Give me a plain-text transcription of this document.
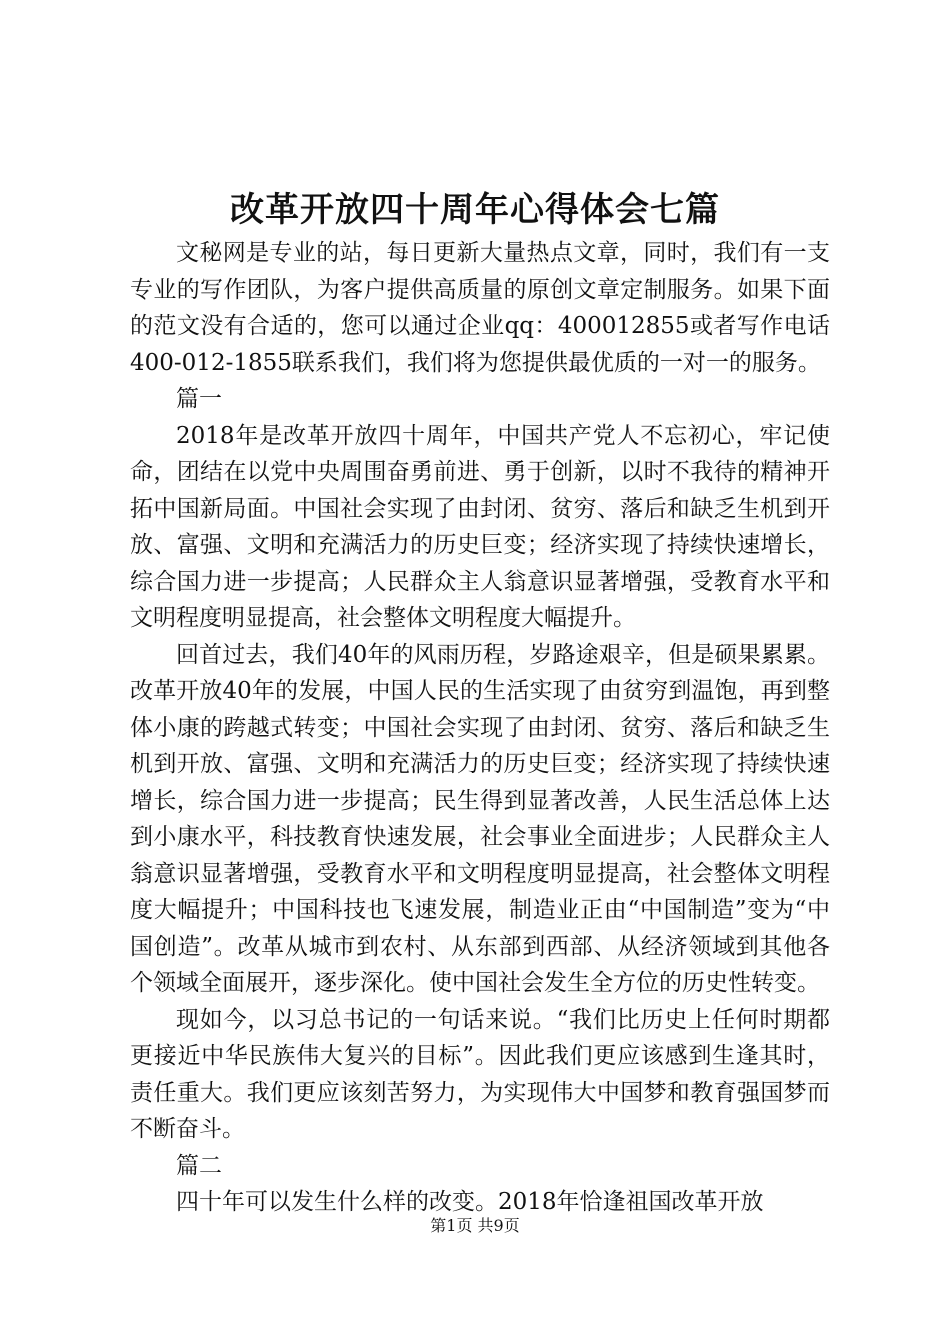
改革开放四十周年心得体会七篇

文秘网是专业的站，每日更新大量热点文章，同时，我们有一支专业的写作团队，为客户提供高质量的原创文章定制服务。如果下面的范文没有合适的，您可以通过企业qq：400012855或者写作电话400-012-1855联系我们，我们将为您提供最优质的一对一的服务。

篇一

2018年是改革开放四十周年，中国共产党人不忘初心，牢记使命，团结在以党中央周围奋勇前进、勇于创新，以时不我待的精神开拓中国新局面。中国社会实现了由封闭、贫穷、落后和缺乏生机到开放、富强、文明和充满活力的历史巨变；经济实现了持续快速增长，综合国力进一步提高；人民群众主人翁意识显著增强，受教育水平和文明程度明显提高，社会整体文明程度大幅提升。

回首过去，我们40年的风雨历程，岁路途艰辛，但是硕果累累。改革开放40年的发展，中国人民的生活实现了由贫穷到温饱，再到整体小康的跨越式转变；中国社会实现了由封闭、贫穷、落后和缺乏生机到开放、富强、文明和充满活力的历史巨变；经济实现了持续快速增长，综合国力进一步提高；民生得到显著改善，人民生活总体上达到小康水平，科技教育快速发展，社会事业全面进步；人民群众主人翁意识显著增强，受教育水平和文明程度明显提高，社会整体文明程度大幅提升；中国科技也飞速发展，制造业正由“中国制造”变为“中国创造”。改革从城市到农村、从东部到西部、从经济领域到其他各个领域全面展开，逐步深化。使中国社会发生全方位的历史性转变。

现如今，以习总书记的一句话来说。“我们比历史上任何时期都更接近中华民族伟大复兴的目标”。因此我们更应该感到生逢其时，责任重大。我们更应该刻苦努力，为实现伟大中国梦和教育强国梦而不断奋斗。

篇二

四十年可以发生什么样的改变。2018年恰逢祖国改革开放

第1页 共9页
